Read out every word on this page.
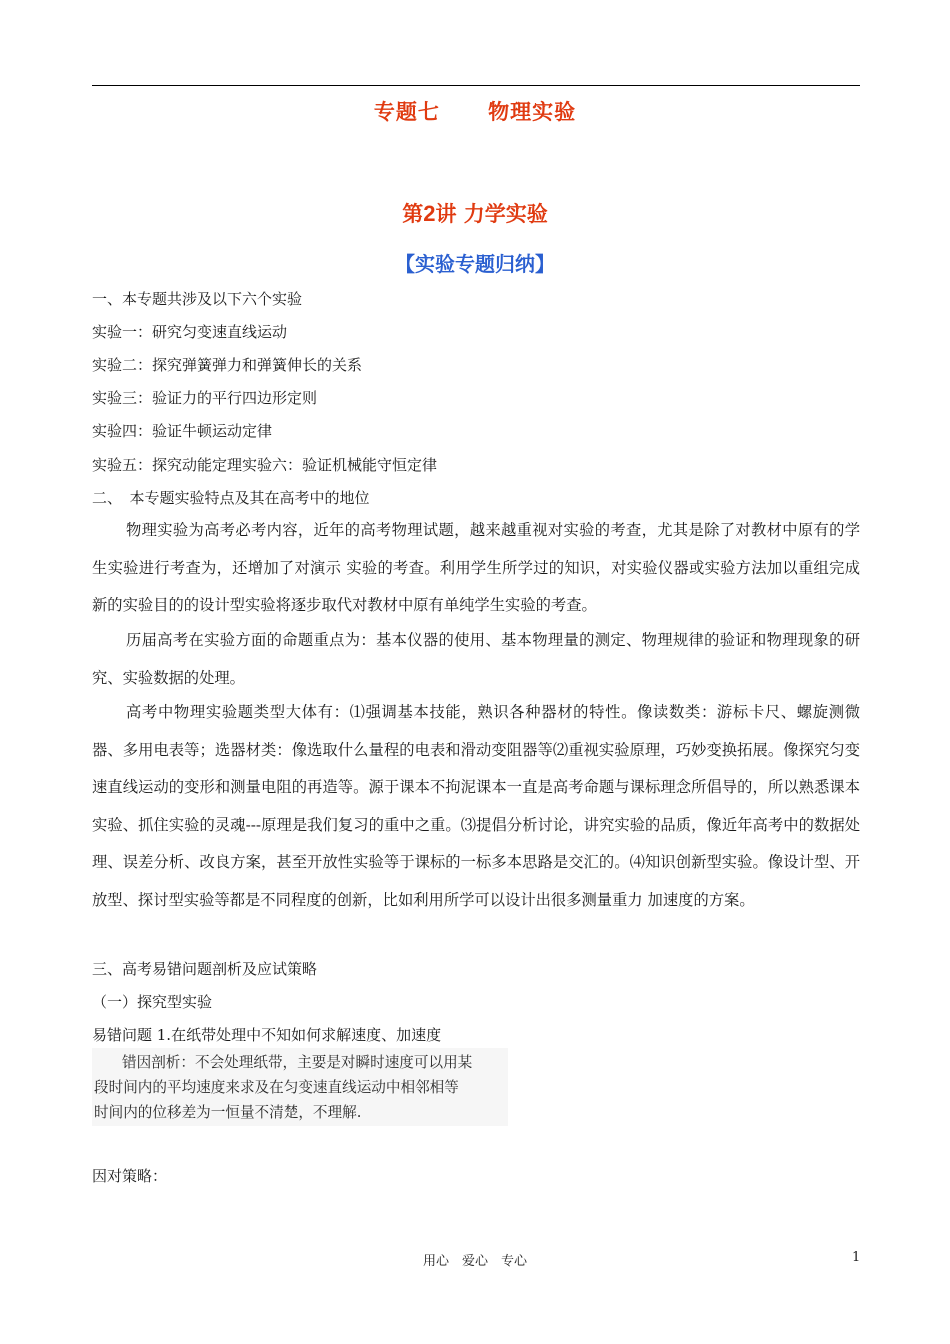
专题七　 物理实验
第2讲 力学实验
【实验专题归纳】
一、本专题共涉及以下六个实验
实验一：研究匀变速直线运动
实验二：探究弹簧弹力和弹簧伸长的关系
实验三：验证力的平行四边形定则
实验四：验证牛顿运动定律
实验五：探究动能定理实验六：验证机械能守恒定律
二、　本专题实验特点及其在高考中的地位
物理实验为高考必考内容，近年的高考物理试题，越来越重视对实验的考查，尤其是除了对教材中原有的学生实验进行考查为，还增加了对演示 实验的考查。利用学生所学过的知识，对实验仪器或实验方法加以重组完成新的实验目的的设计型实验将逐步取代对教材中原有单纯学生实验的考查。
历届高考在实验方面的命题重点为：基本仪器的使用、基本物理量的测定、物理规律的验证和物理现象的研究、实验数据的处理。
高考中物理实验题类型大体有：⑴强调基本技能，熟识各种器材的特性。像读数类：游标卡尺、螺旋测微器、多用电表等；选器材类：像选取什么量程的电表和滑动变阻器等⑵重视实验原理，巧妙变换拓展。像探究匀变速直线运动的变形和测量电阻的再造等。源于课本不拘泥课本一直是高考命题与课标理念所倡导的，所以熟悉课本实验、抓住实验的灵魂---原理是我们复习的重中之重。⑶提倡分析讨论，讲究实验的品质，像近年高考中的数据处理、误差分析、改良方案，甚至开放性实验等于课标的一标多本思路是交汇的。⑷知识创新型实验。像设计型、开放型、探讨型实验等都是不同程度的创新，比如利用所学可以设计出很多测量重力 加速度的方案。
三、高考易错问题剖析及应试策略
（一）探究型实验
易错问题 1.在纸带处理中不知如何求解速度、加速度
错因剖析：不会处理纸带，主要是对瞬时速度可以用某
段时间内的平均速度来求及在匀变速直线运动中相邻相等
时间内的位移差为一恒量不清楚，不理解.
因对策略：
用心　爱心　专心	1
